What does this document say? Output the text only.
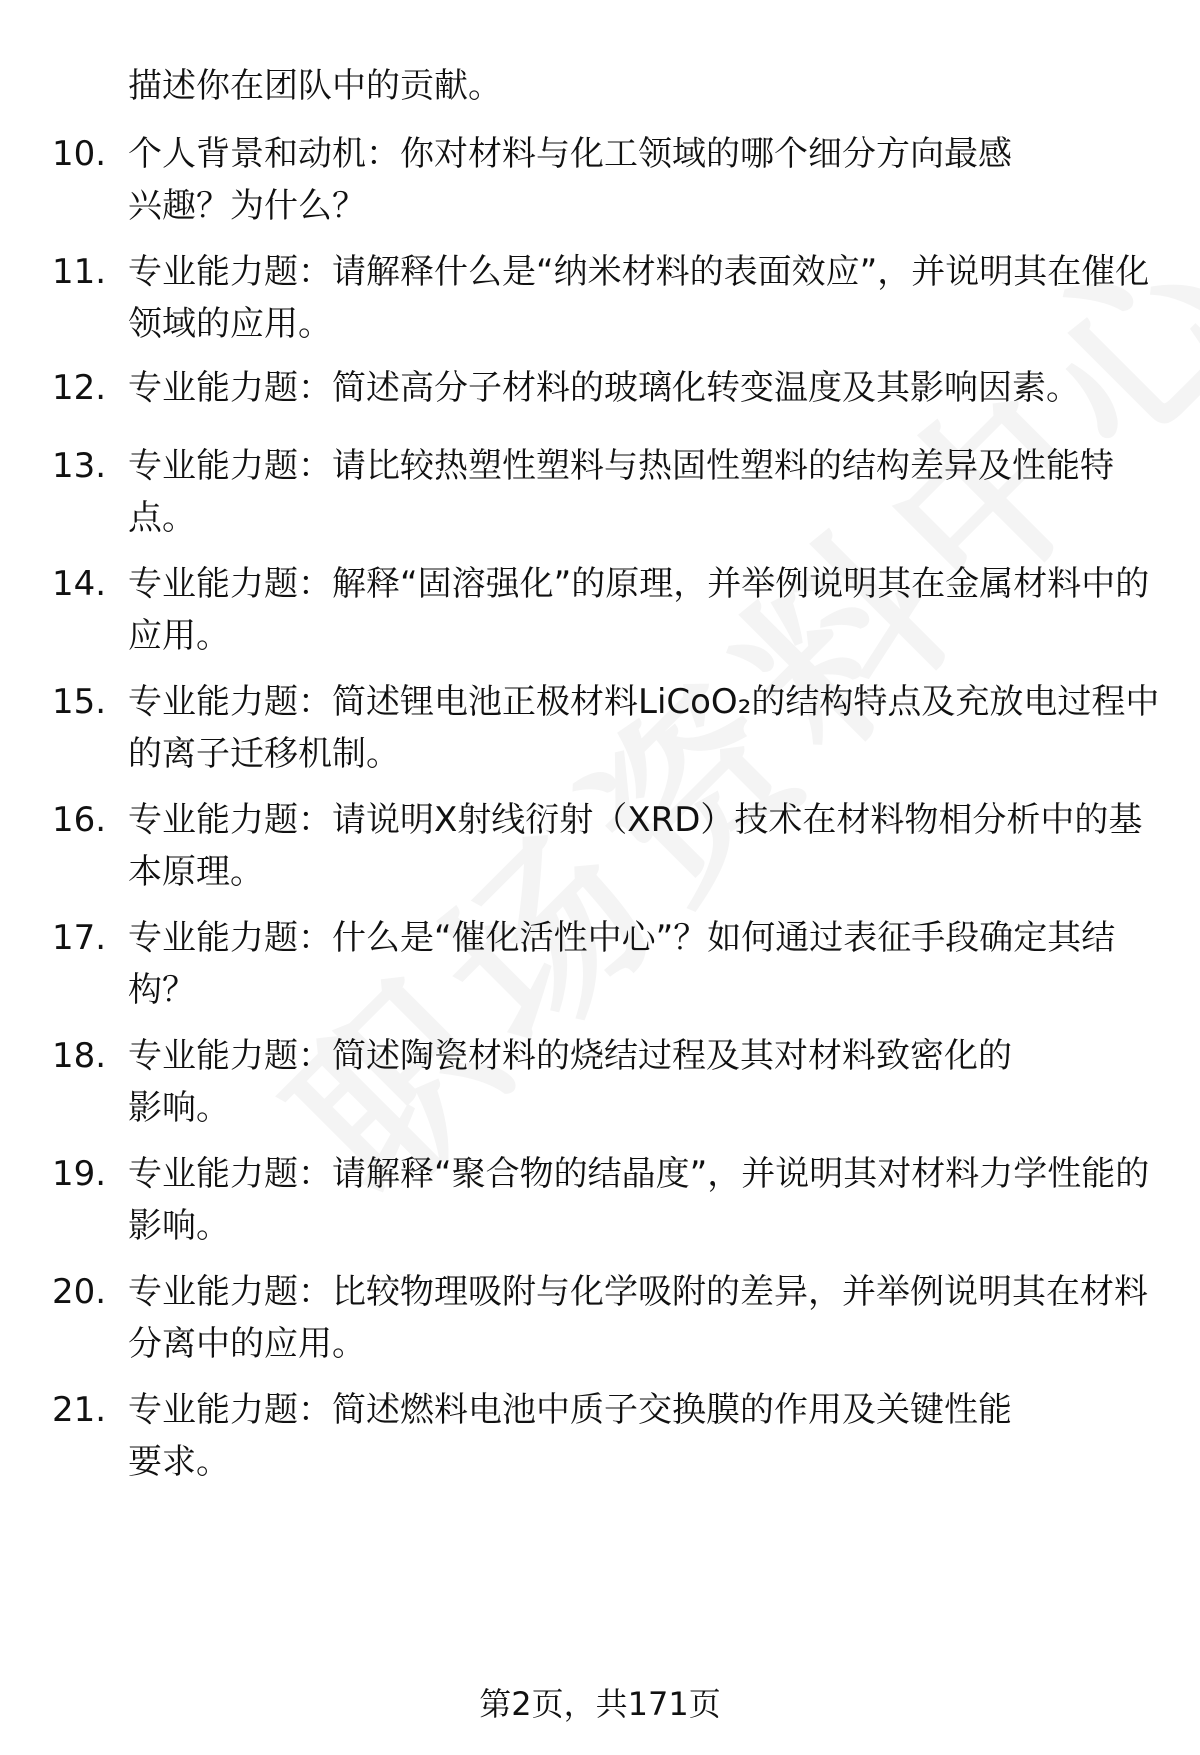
描述你在团队中的贡献。
10. 个人背景和动机：你对材料与化工领域的哪个细分方向最感兴趣？为什么？
11. 专业能力题：请解释什么是“纳米材料的表面效应”，并说明其在催化领域的应用。
12. 专业能力题：简述高分子材料的玻璃化转变温度及其影响因素。
13. 专业能力题：请比较热塑性塑料与热固性塑料的结构差异及性能特点。
14. 专业能力题：解释“固溶强化”的原理，并举例说明其在金属材料中的应用。
15. 专业能力题：简述锂电池正极材料LiCoO₂的结构特点及充放电过程中的离子迁移机制。
16. 专业能力题：请说明X射线衍射（XRD）技术在材料物相分析中的基本原理。
17. 专业能力题：什么是“催化活性中心”？如何通过表征手段确定其结构？
18. 专业能力题：简述陶瓷材料的烧结过程及其对材料致密化的影响。
19. 专业能力题：请解释“聚合物的结晶度”，并说明其对材料力学性能的影响。
20. 专业能力题：比较物理吸附与化学吸附的差异，并举例说明其在材料分离中的应用。
21. 专业能力题：简述燃料电池中质子交换膜的作用及关键性能要求。
第2页，共171页
